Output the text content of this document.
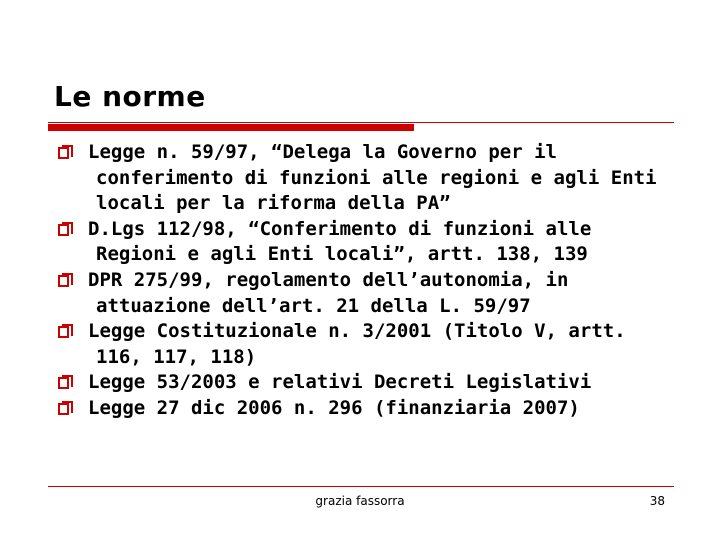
Le norme
Legge n. 59/97, “Delega la Governo per il
conferimento di funzioni alle regioni e agli Enti
locali per la riforma della PA”
D.Lgs 112/98, “Conferimento di funzioni alle
Regioni e agli Enti locali”, artt. 138, 139
DPR 275/99, regolamento dell’autonomia, in
attuazione dell’art. 21 della L. 59/97
Legge Costituzionale n. 3/2001 (Titolo V, artt.
116, 117, 118)
Legge 53/2003 e relativi Decreti Legislativi
Legge 27 dic 2006 n. 296 (finanziaria 2007)
grazia fassorra	38
